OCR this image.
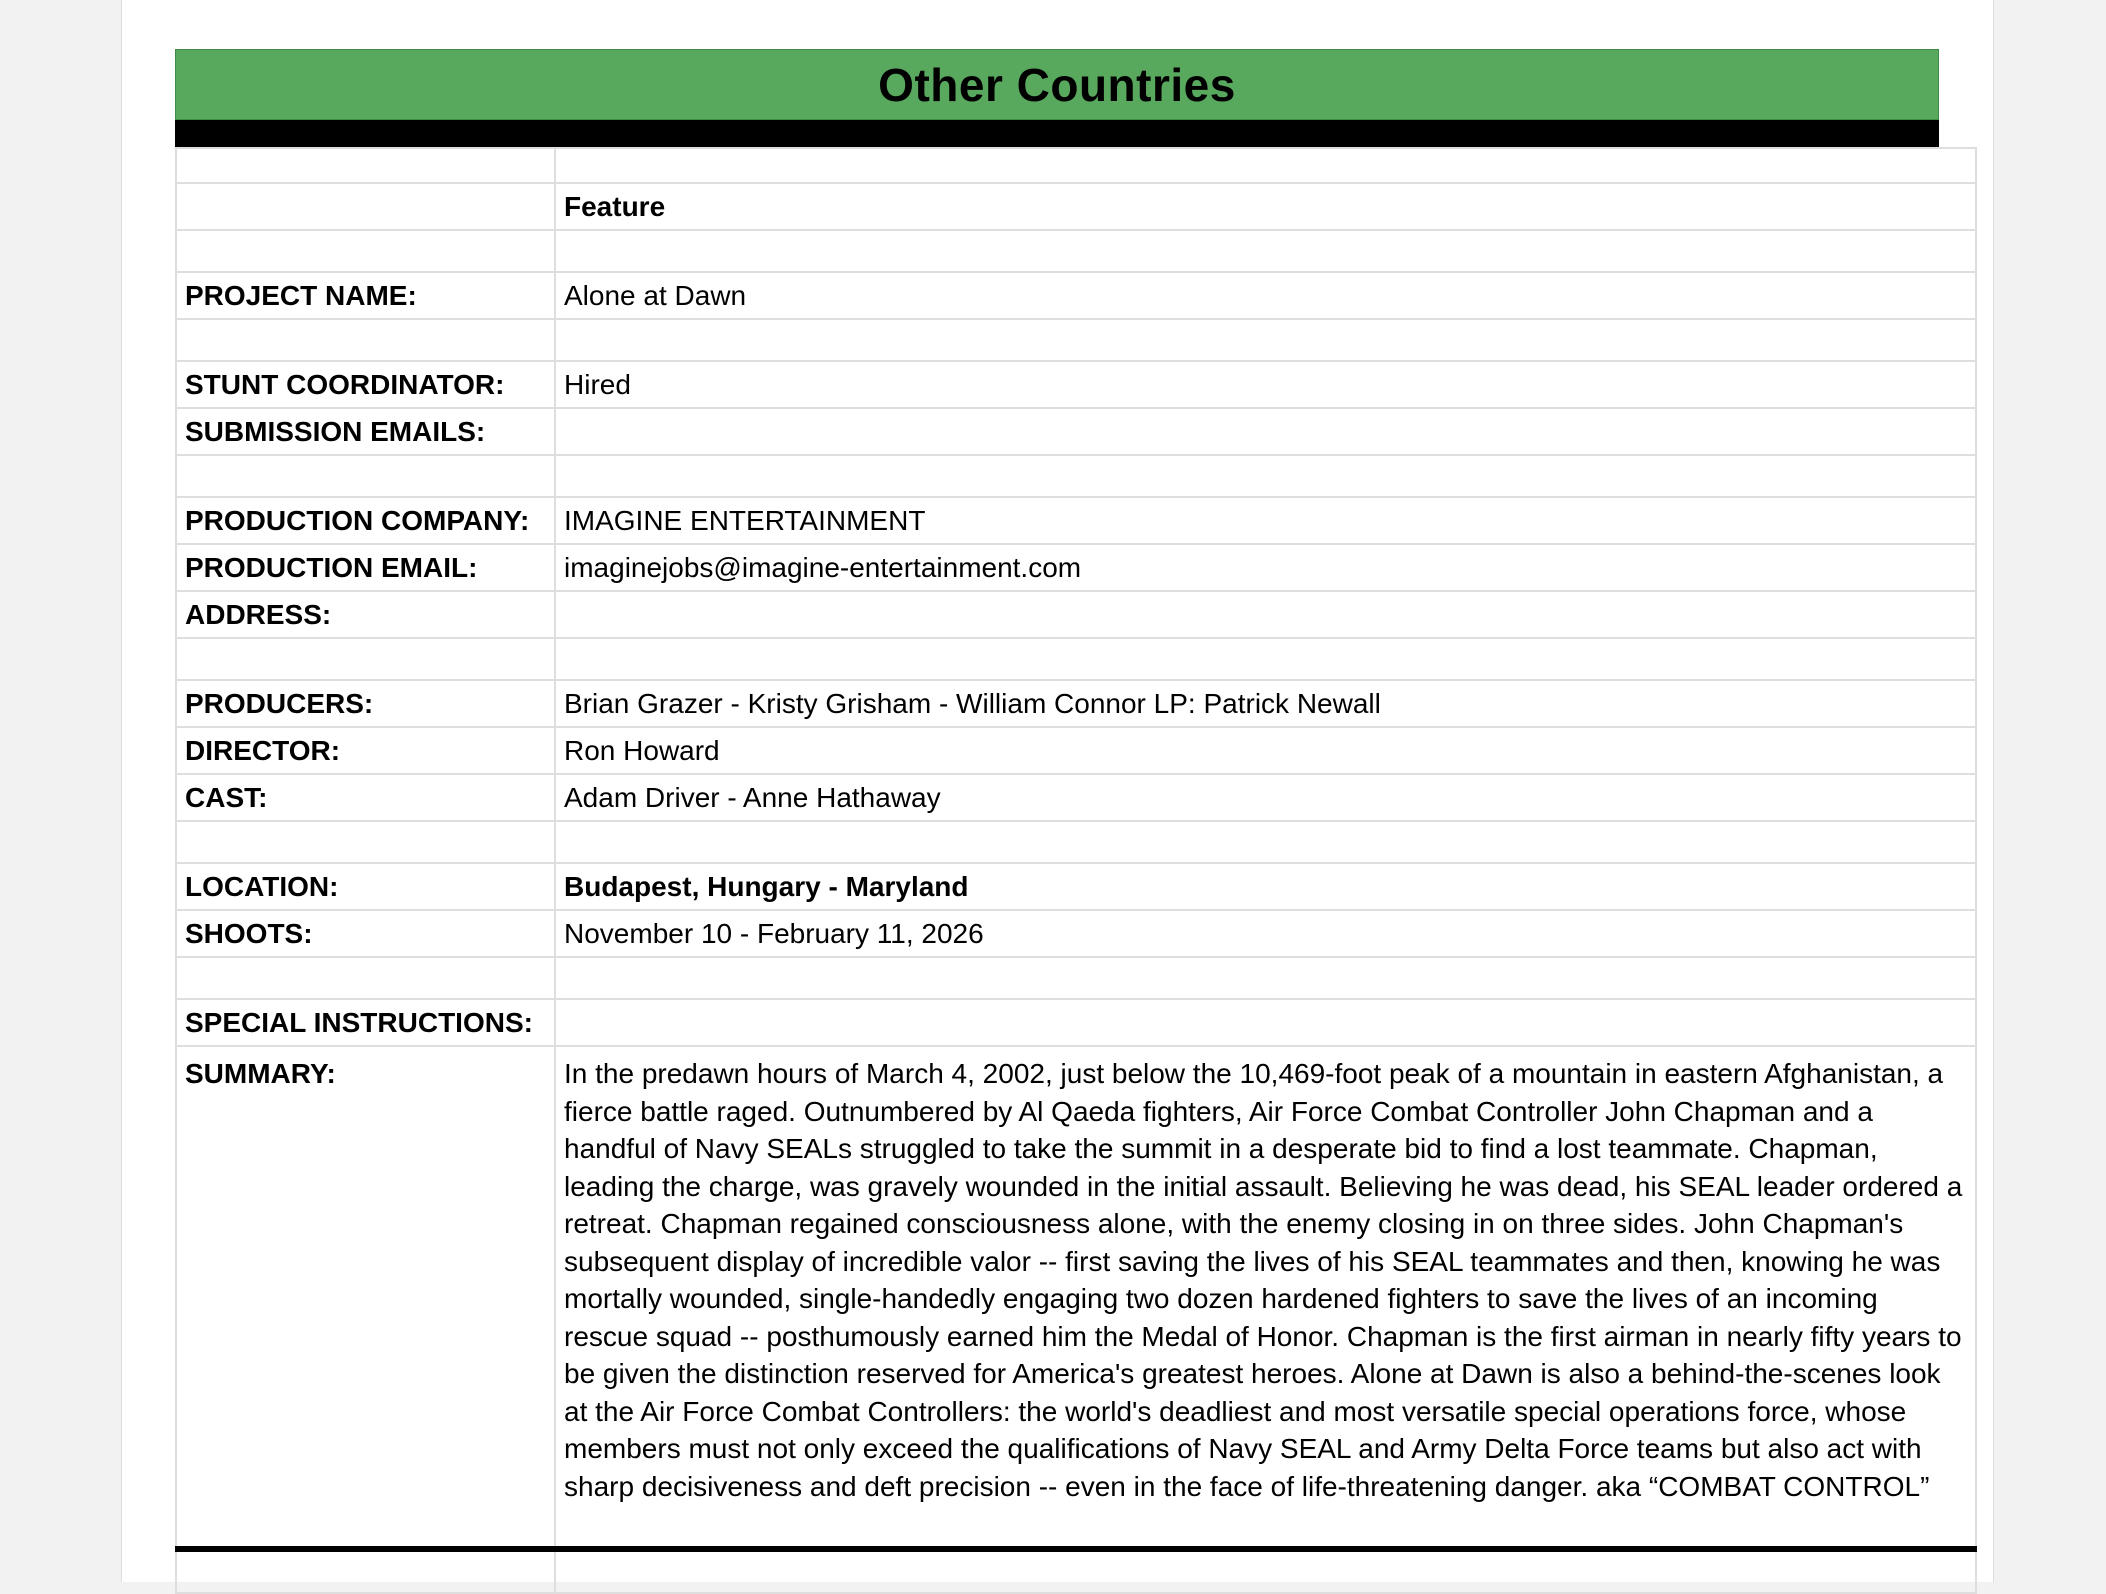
Other Countries

	Feature

PROJECT NAME:	Alone at Dawn

STUNT COORDINATOR:	Hired
SUBMISSION EMAILS:	

PRODUCTION COMPANY:	IMAGINE ENTERTAINMENT
PRODUCTION EMAIL:	imaginejobs@imagine-entertainment.com
ADDRESS:	

PRODUCERS:	Brian Grazer - Kristy Grisham - William Connor LP: Patrick Newall
DIRECTOR:	Ron Howard
CAST:	Adam Driver - Anne Hathaway

LOCATION:	Budapest, Hungary - Maryland
SHOOTS:	November 10 - February 11, 2026

SPECIAL INSTRUCTIONS:	
SUMMARY:	In the predawn hours of March 4, 2002, just below the 10,469-foot peak of a mountain in eastern Afghanistan, a fierce battle raged. Outnumbered by Al Qaeda fighters, Air Force Combat Controller John Chapman and a handful of Navy SEALs struggled to take the summit in a desperate bid to find a lost teammate. Chapman, leading the charge, was gravely wounded in the initial assault. Believing he was dead, his SEAL leader ordered a retreat. Chapman regained consciousness alone, with the enemy closing in on three sides. John Chapman's subsequent display of incredible valor -- first saving the lives of his SEAL teammates and then, knowing he was mortally wounded, single-handedly engaging two dozen hardened fighters to save the lives of an incoming rescue squad -- posthumously earned him the Medal of Honor. Chapman is the first airman in nearly fifty years to be given the distinction reserved for America's greatest heroes. Alone at Dawn is also a behind-the-scenes look at the Air Force Combat Controllers: the world's deadliest and most versatile special operations force, whose members must not only exceed the qualifications of Navy SEAL and Army Delta Force teams but also act with sharp decisiveness and deft precision -- even in the face of life-threatening danger. aka “COMBAT CONTROL”
